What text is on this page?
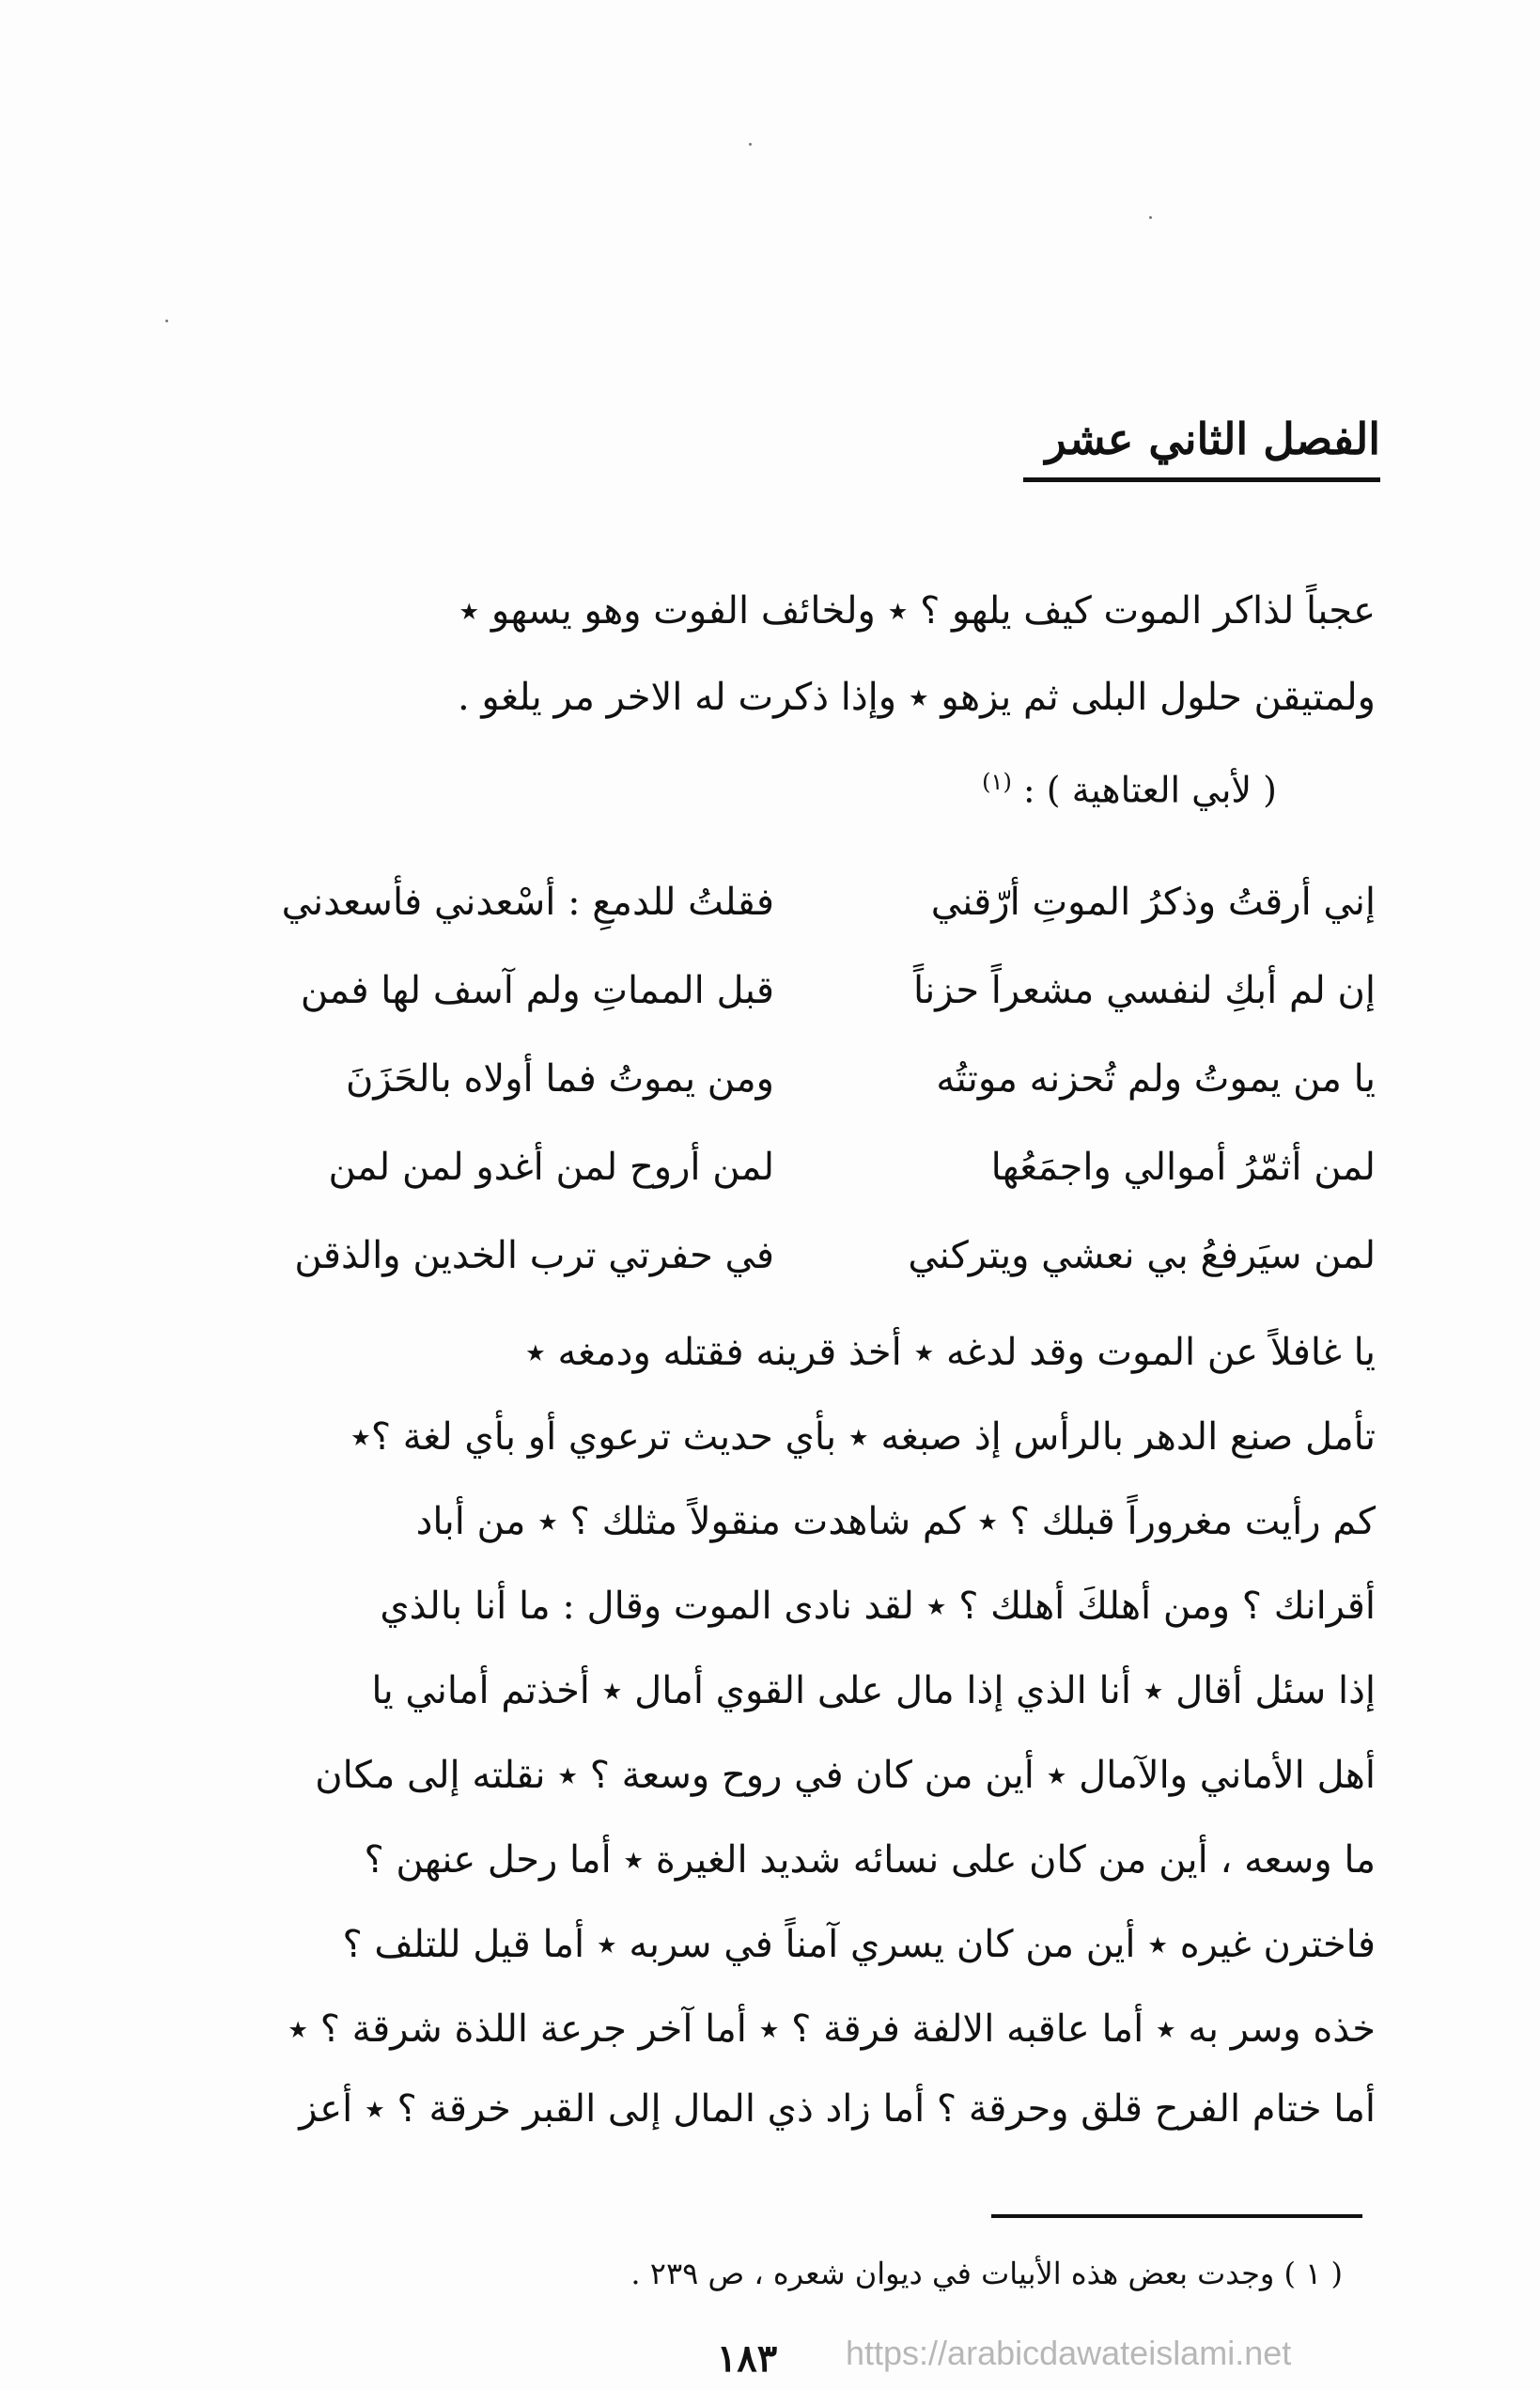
الفصل الثاني عشر
عجباً لذاكر الموت كيف يلهو ؟ ٭ ولخائف الفوت وهو يسهو ٭
ولمتيقن حلول البلى ثم يزهو ٭ وإذا ذكرت له الاخر مر يلغو .
( لأبي العتاهية ) : $^{(١)}$
إني أرقتُ وذكرُ الموتِ أرّقني
فقلتُ للدمعِ : أسْعدني فأسعدني
إن لم أبكِ لنفسي مشعراً حزناً
قبل المماتِ ولم آسف لها فمن
يا من يموتُ ولم تُحزنه موتتُه
ومن يموتُ فما أولاه بالحَزَنَ
لمن أثمّرُ أموالي واجمَعُها
لمن أروح لمن أغدو لمن لمن
لمن سيَرفعُ بي نعشي ويتركني
في حفرتي ترب الخدين والذقن
يا غافلاً عن الموت وقد لدغه ٭ أخذ قرينه فقتله ودمغه ٭
تأمل صنع الدهر بالرأس إذ صبغه ٭ بأي حديث ترعوي أو بأي لغة ؟٭
كم رأيت مغروراً قبلك ؟ ٭ كم شاهدت منقولاً مثلك ؟ ٭ من أباد
أقرانك ؟ ومن أهلكَ أهلك ؟ ٭ لقد نادى الموت وقال : ما أنا بالذي
إذا سئل أقال ٭ أنا الذي إذا مال على القوي أمال ٭ أخذتم أماني يا
أهل الأماني والآمال ٭ أين من كان في روح وسعة ؟ ٭ نقلته إلى مكان
ما وسعه ، أين من كان على نسائه شديد الغيرة ٭ أما رحل عنهن ؟
فاخترن غيره ٭ أين من كان يسري آمناً في سربه ٭ أما قيل للتلف ؟
خذه وسر به ٭ أما عاقبه الالفة فرقة ؟ ٭ أما آخر جرعة اللذة شرقة ؟ ٭
أما ختام الفرح قلق وحرقة ؟ أما زاد ذي المال إلى القبر خرقة ؟ ٭ أعز
( ١ ) وجدت بعض هذه الأبيات في ديوان شعره ، ص ٢٣٩ .
١٨٣	https://arabicdawateislami.net
